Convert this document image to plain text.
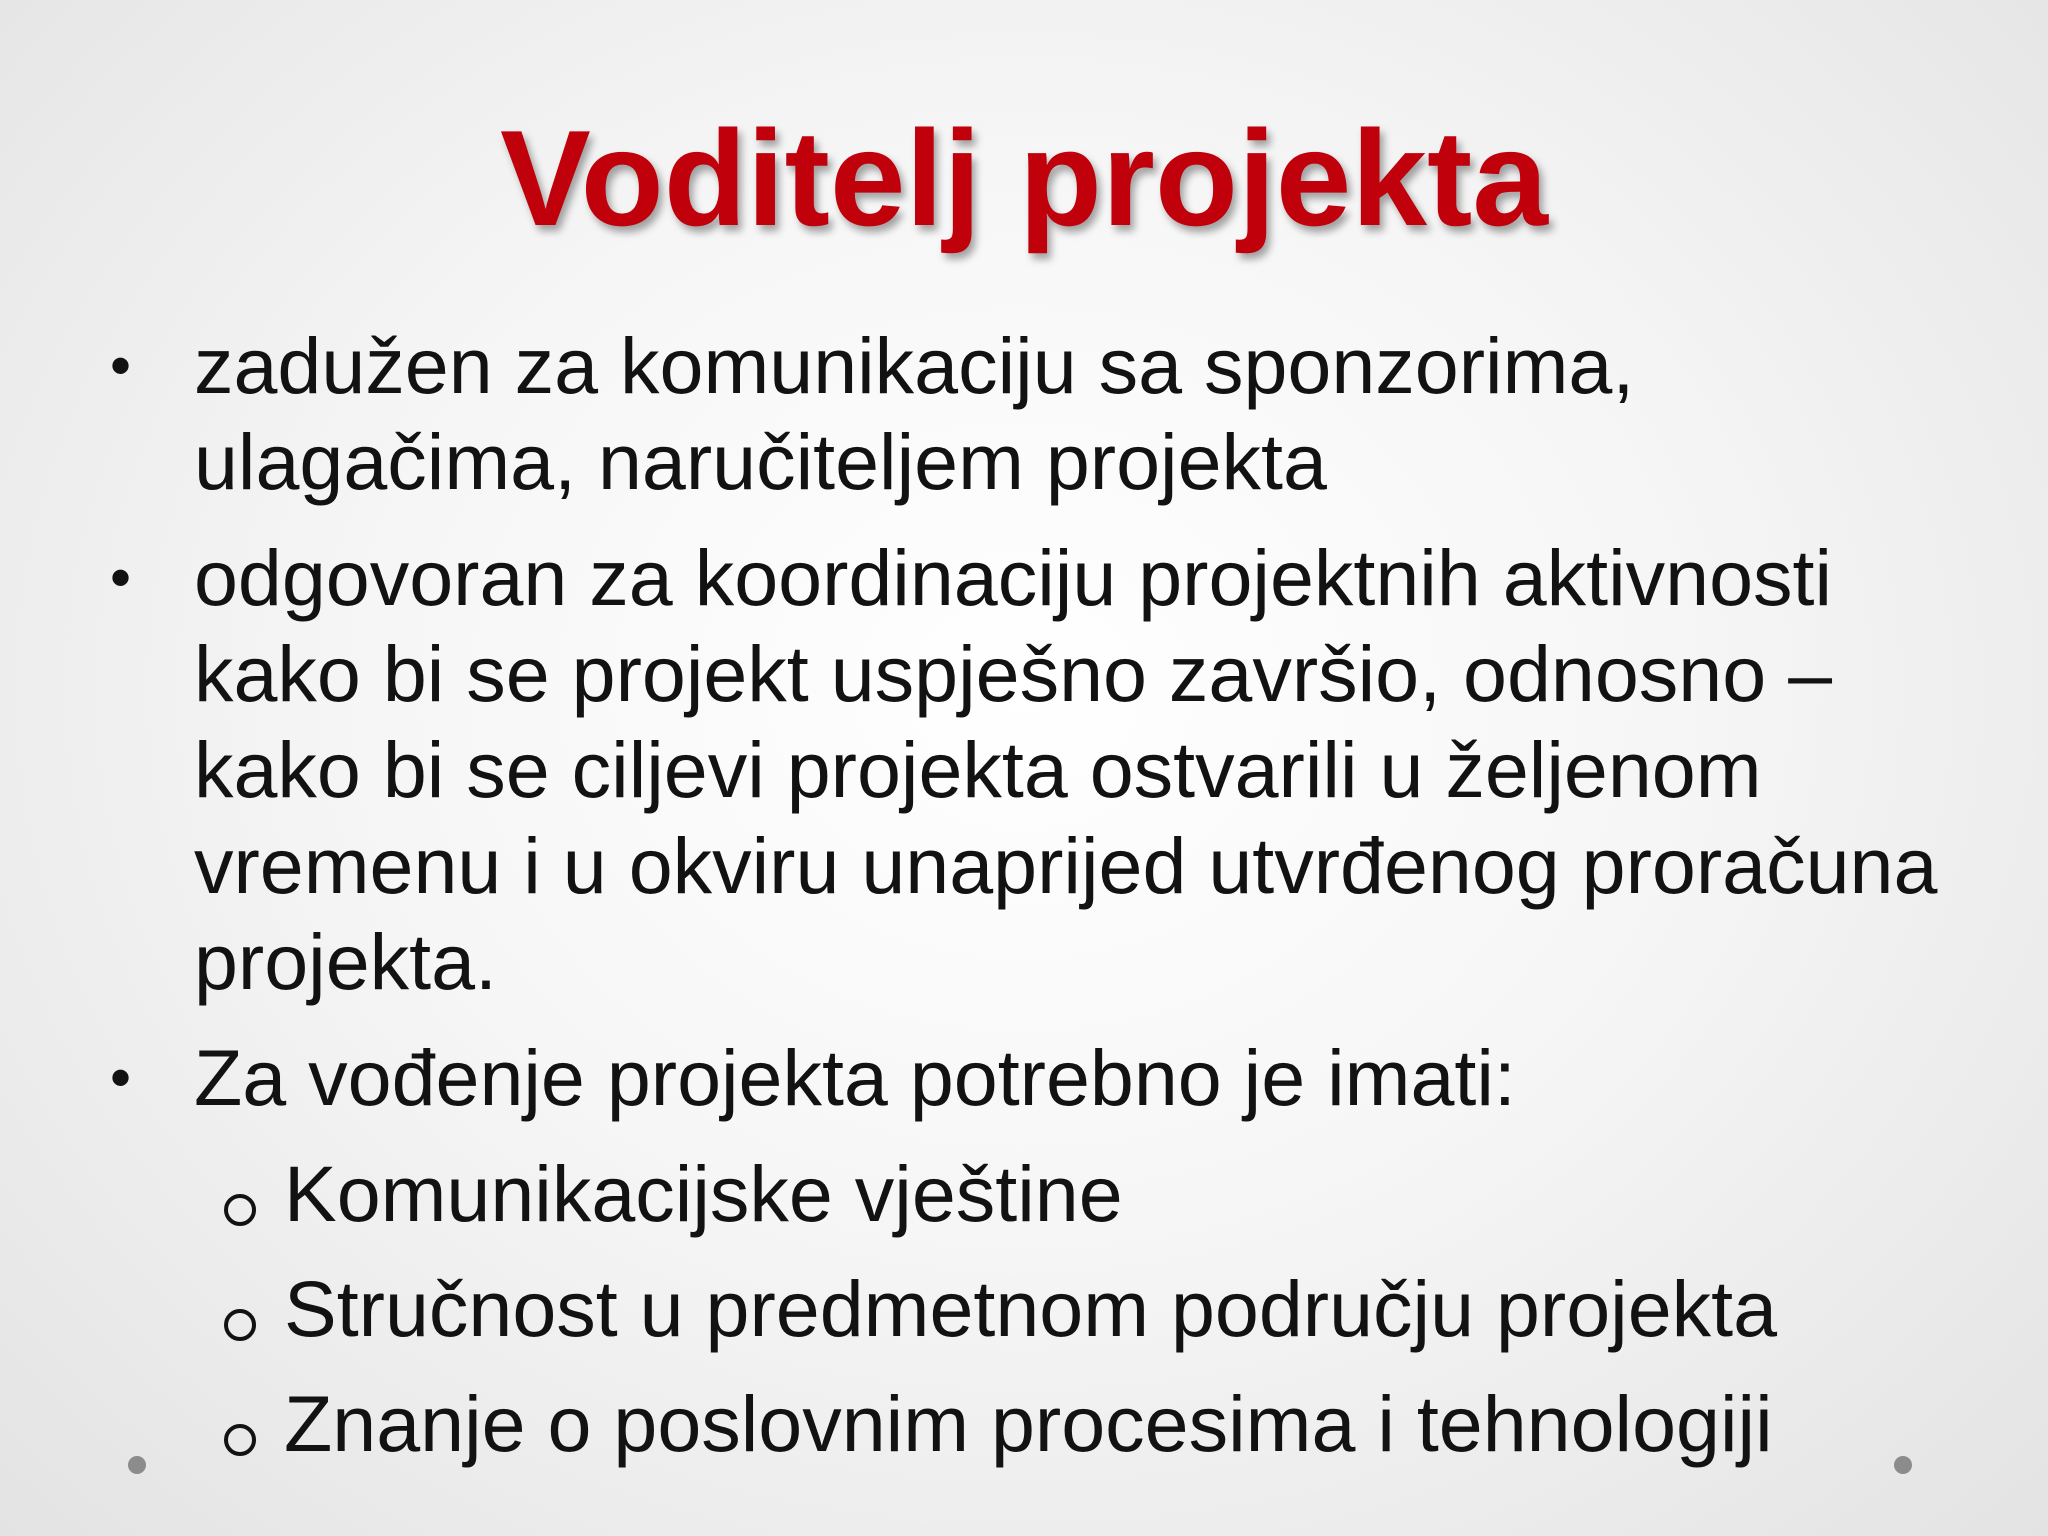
Voditelj projekta
• zadužen za komunikaciju sa sponzorima, ulagačima, naručiteljem projekta
• odgovoran za koordinaciju projektnih aktivnosti kako bi se projekt uspješno završio, odnosno – kako bi se ciljevi projekta ostvarili u željenom vremenu i u okviru unaprijed utvrđenog proračuna projekta.
• Za vođenje projekta potrebno je imati:
Komunikacijske vještine
Stručnost u predmetnom području projekta
Znanje o poslovnim procesima i tehnologiji
